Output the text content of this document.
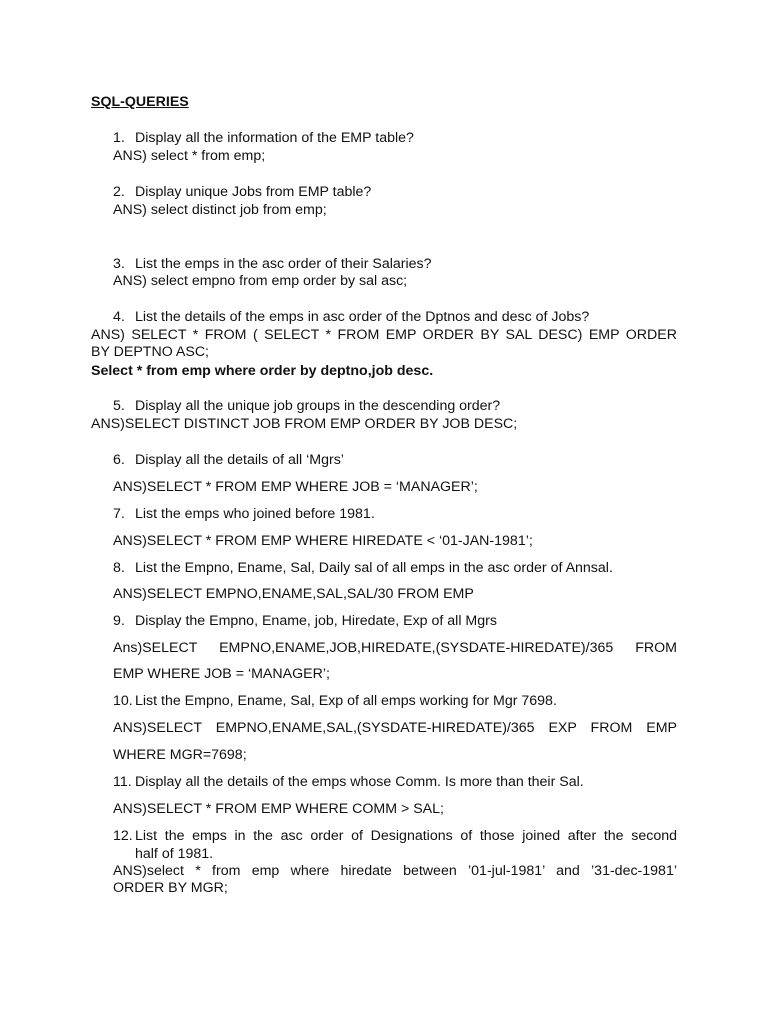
SQL-QUERIES
1. Display all the information of the EMP table?
ANS) select * from emp;
2. Display unique Jobs from EMP table?
ANS) select distinct job from emp;
3. List the emps in the asc order of their Salaries?
ANS) select empno from emp order by sal asc;
4. List the details of the emps in asc order of the Dptnos and desc of Jobs?
ANS) SELECT * FROM ( SELECT * FROM EMP ORDER BY SAL DESC) EMP ORDER
BY DEPTNO ASC;
Select * from emp where order by deptno,job desc.
5. Display all the unique job groups in the descending order?
ANS)SELECT DISTINCT JOB FROM EMP ORDER BY JOB DESC;
6. Display all the details of all ‘Mgrs’
ANS)SELECT * FROM EMP WHERE JOB = ‘MANAGER’;
7. List the emps who joined before 1981.
ANS)SELECT * FROM EMP WHERE HIREDATE < ‘01-JAN-1981’;
8. List the Empno, Ename, Sal, Daily sal of all emps in the asc order of Annsal.
ANS)SELECT EMPNO,ENAME,SAL,SAL/30 FROM EMP
9. Display the Empno, Ename, job, Hiredate, Exp of all Mgrs
Ans)SELECT EMPNO,ENAME,JOB,HIREDATE,(SYSDATE-HIREDATE)/365 FROM
EMP WHERE JOB = ‘MANAGER’;
10. List the Empno, Ename, Sal, Exp of all emps working for Mgr 7698.
ANS)SELECT EMPNO,ENAME,SAL,(SYSDATE-HIREDATE)/365 EXP FROM EMP
WHERE MGR=7698;
11. Display all the details of the emps whose Comm. Is more than their Sal.
ANS)SELECT * FROM EMP WHERE COMM > SAL;
12. List the emps in the asc order of Designations of those joined after the second
half of 1981.
ANS)select * from emp where hiredate between ’01-jul-1981’ and ’31-dec-1981’
ORDER BY MGR;
